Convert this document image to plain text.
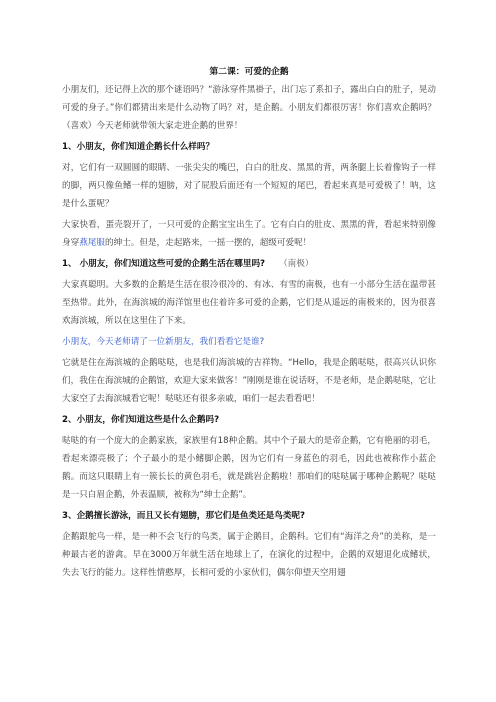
第二课：可爱的企鹅

小朋友们，还记得上次的那个谜语吗？“游泳穿件黑褂子，出门忘了系扣子，露出白白的肚子，晃动可爱的身子。”你们都猜出来是什么动物了吗？对，是企鹅。小朋友们都很厉害！你们喜欢企鹅吗？（喜欢）今天老师就带领大家走进企鹅的世界！

1、小朋友，你们知道企鹅长什么样吗？

对，它们有一双圆圆的眼睛、一张尖尖的嘴巴，白白的肚皮、黑黑的背，两条腿上长着像钩子一样的脚，两只像鱼鳍一样的翅膀，对了屁股后面还有一个短短的尾巴，看起来真是可爱极了！呐，这是什么蛋呢？

大家快看，蛋壳裂开了，一只可爱的企鹅宝宝出生了。它有白白的肚皮、黑黑的背，看起来特别像身穿燕尾服的绅士。但是，走起路来，一摇一摆的，超级可爱呢！

1、 小朋友，你们知道这些可爱的企鹅生活在哪里吗? （南极）

大家真聪明。大多数的企鹅是生活在很冷很冷的、有冰、有雪的南极，也有一小部分生活在温带甚至热带。此外，在海滨城的海洋馆里也住着许多可爱的企鹅，它们是从遥远的南极来的，因为很喜欢海滨城，所以在这里住了下来。

小朋友，今天老师请了一位新朋友，我们看看它是谁?

它就是住在海滨城的企鹅哒哒，也是我们海滨城的吉祥物。“Hello，我是企鹅哒哒，很高兴认识你们，我住在海滨城的企鹅馆，欢迎大家来做客！”刚刚是谁在说话呀，不是老师，是企鹅哒哒，它让大家空了去海滨城看它呢！哒哒还有很多亲戚，咱们一起去看看吧！

2、小朋友，你们知道这些是什么企鹅吗?

哒哒的有一个庞大的企鹅家族，家族里有18种企鹅。其中个子最大的是帝企鹅，它有艳丽的羽毛，看起来漂亮极了；个子最小的是小鳍脚企鹅，因为它们有一身蓝色的羽毛，因此也被称作小蓝企鹅。而这只眼睛上有一簇长长的黄色羽毛，就是跳岩企鹅啦！那咱们的哒哒属于哪种企鹅呢？哒哒是一只白眉企鹅，外表温顺，被称为“绅士企鹅”。

3、企鹅擅长游泳，而且又长有翅膀，那它们是鱼类还是鸟类呢?

企鹅跟鸵鸟一样，是一种不会飞行的鸟类，属于企鹅目，企鹅科。它们有“海洋之舟”的美称，是一种最古老的游禽。早在3000万年就生活在地球上了，在演化的过程中，企鹅的双翅退化成鳍状，失去飞行的能力。这样性情憨厚，长相可爱的小家伙们，偶尔仰望天空用翅
